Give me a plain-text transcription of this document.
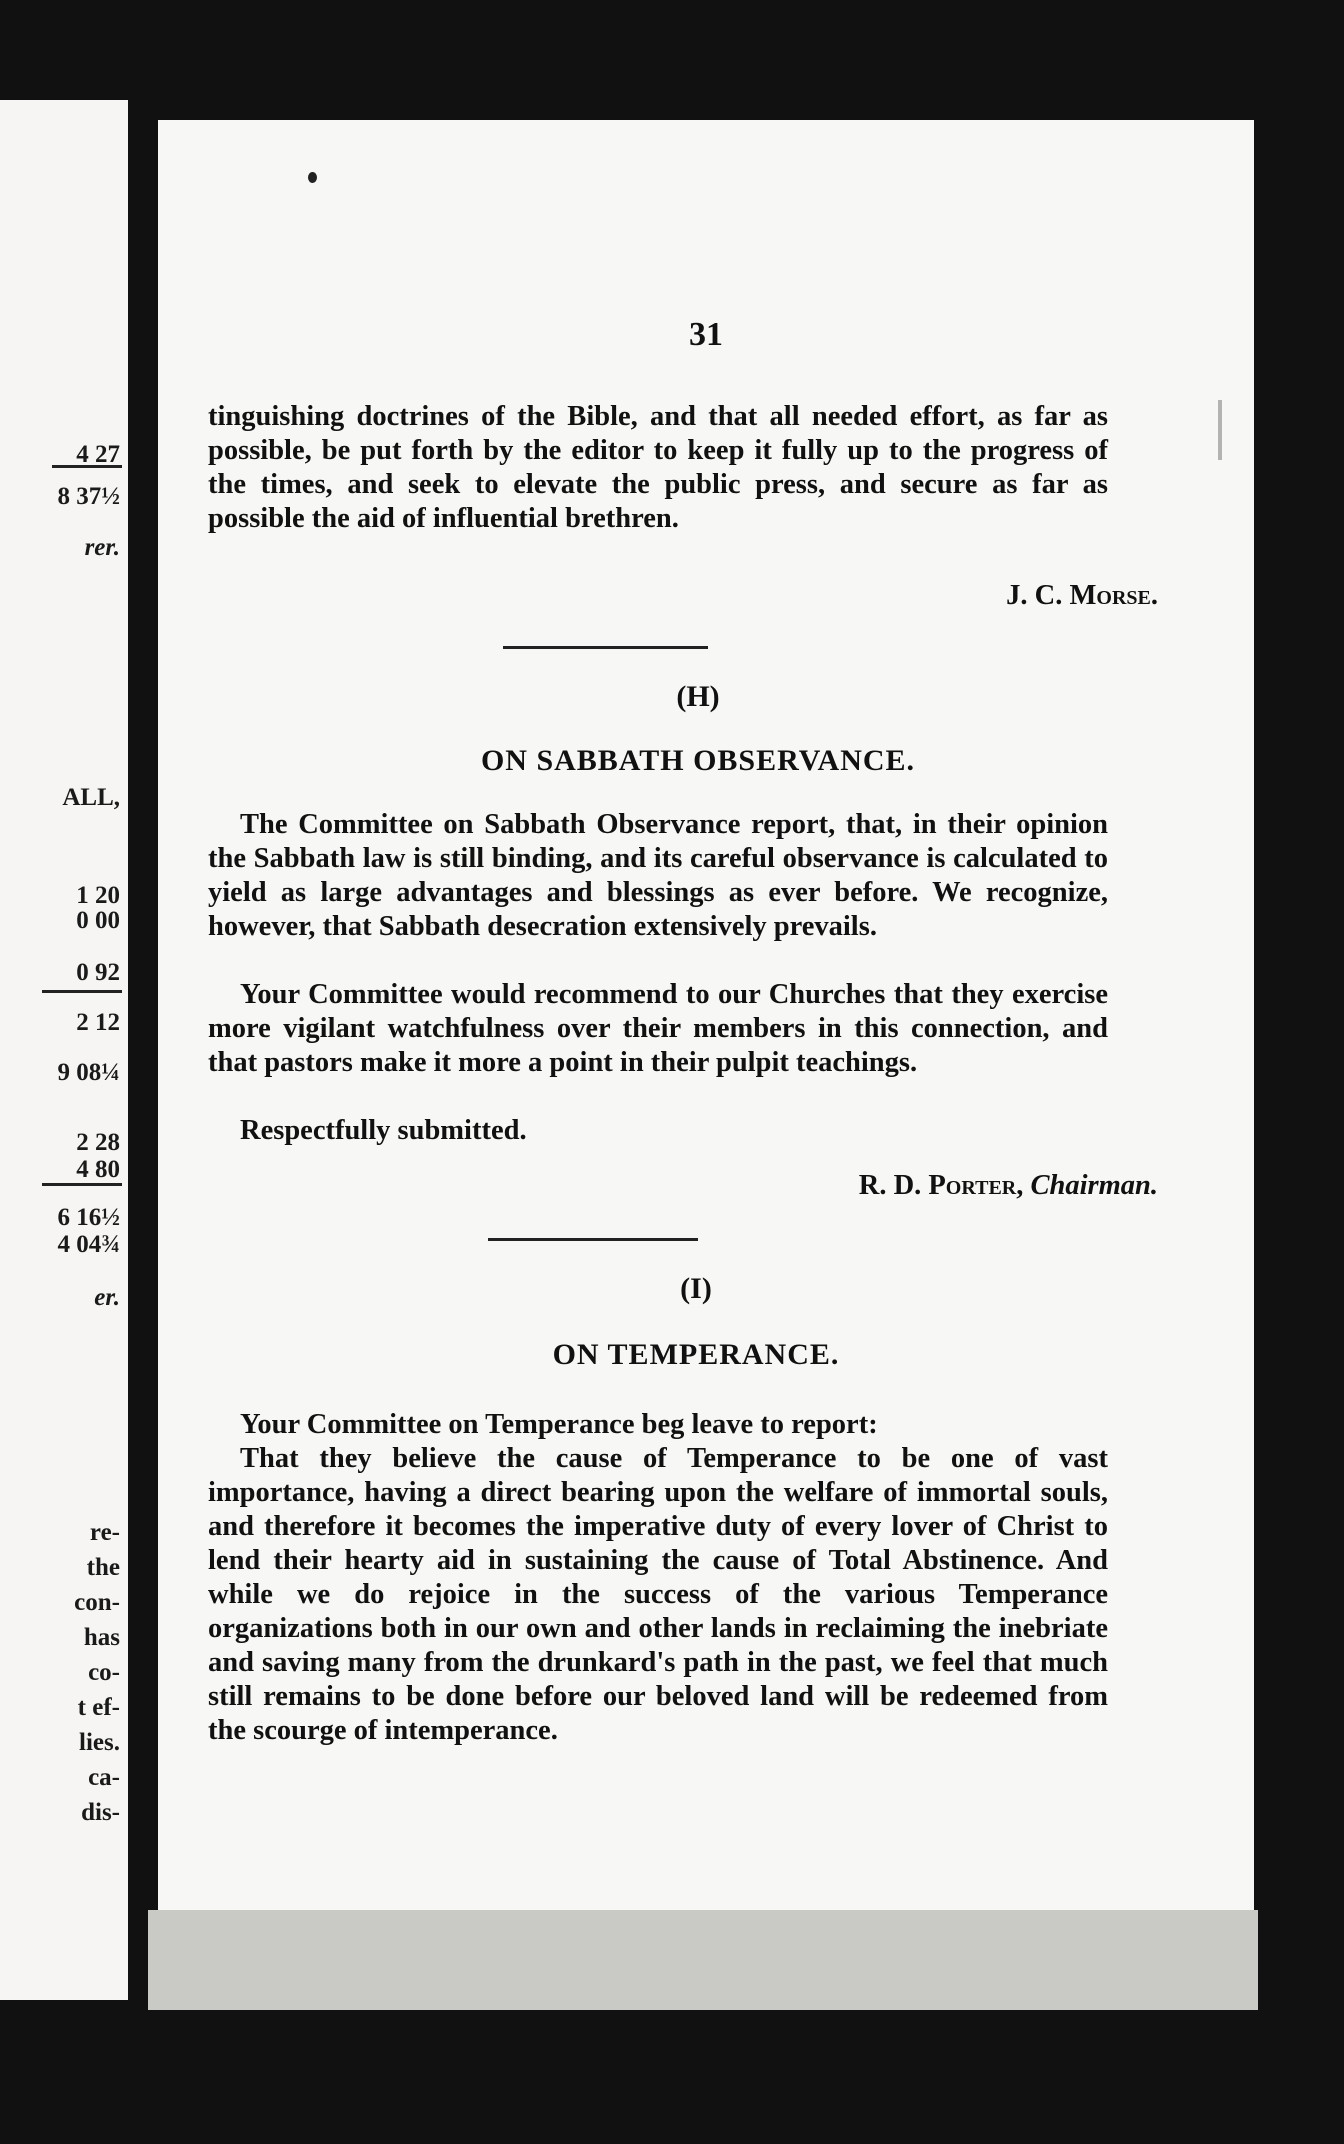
4 27
8 37½
rer.
ALL,
1 20
0 00
0 92
2 12
9 08¼
2 28
4 80
6 16½
4 04¾
er.
re-
the
con-
has
co-
t ef-
lies.
ca-
dis-
31

tinguishing doctrines of the Bible, and that all needed effort, as far as possible, be put forth by the editor to keep it fully up to the progress of the times, and seek to elevate the public press, and secure as far as possible the aid of influential brethren.

J. C. Morse.
(H)
ON SABBATH OBSERVANCE.

The Committee on Sabbath Observance report, that, in their opinion the Sabbath law is still binding, and its careful observance is calculated to yield as large advantages and blessings as ever before. We recognize, however, that Sabbath desecration extensively prevails.

Your Committee would recommend to our Churches that they exercise more vigilant watchfulness over their members in this connection, and that pastors make it more a point in their pulpit teachings.

Respectfully submitted.

R. D. Porter, Chairman.
(I)
ON TEMPERANCE.

Your Committee on Temperance beg leave to report:

That they believe the cause of Temperance to be one of vast importance, having a direct bearing upon the welfare of immortal souls, and therefore it becomes the imperative duty of every lover of Christ to lend their hearty aid in sustaining the cause of Total Abstinence. And while we do rejoice in the success of the various Temperance organizations both in our own and other lands in reclaiming the inebriate and saving many from the drunkard's path in the past, we feel that much still remains to be done before our beloved land will be redeemed from the scourge of intemperance.
